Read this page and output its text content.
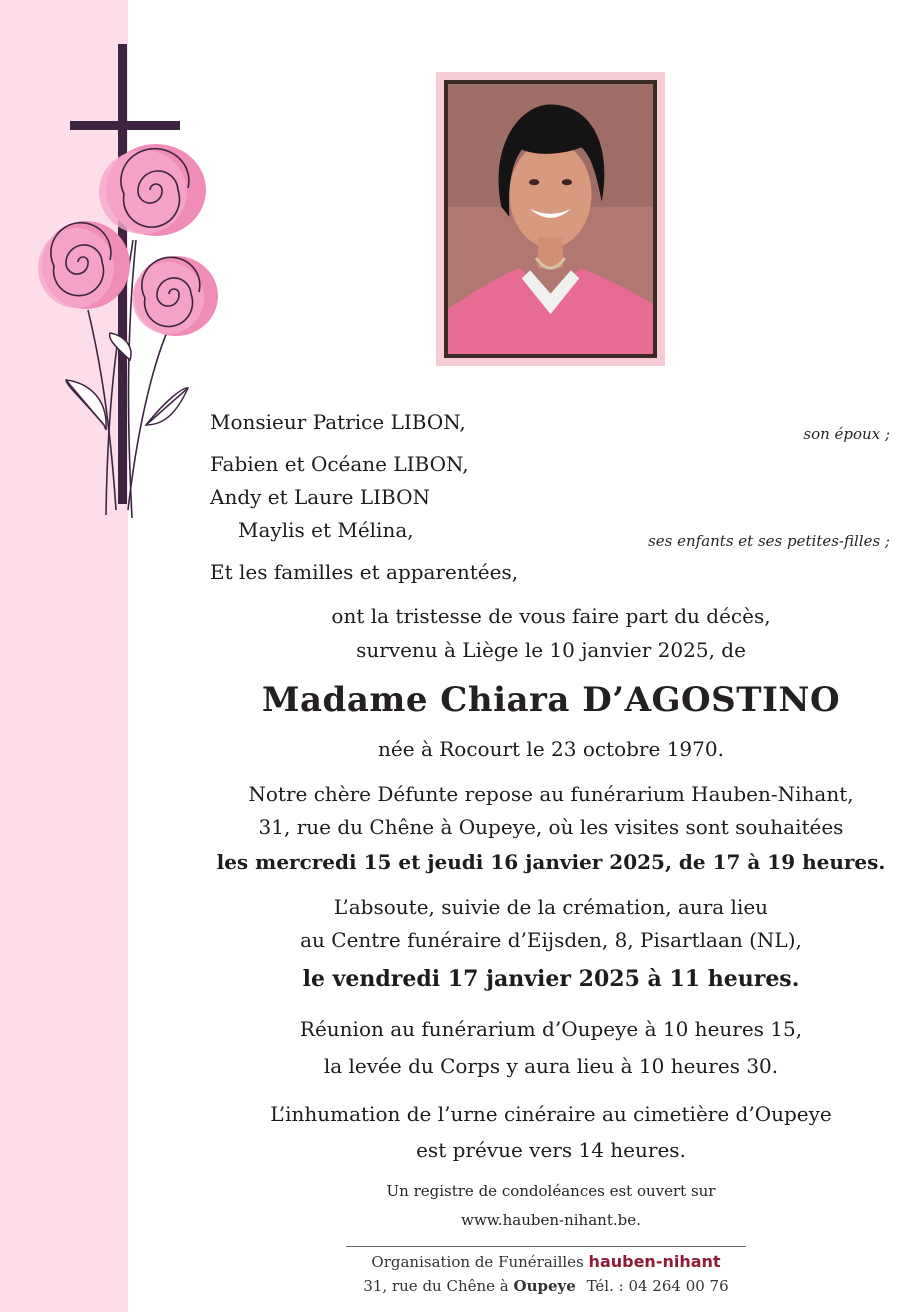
Monsieur Patrice LIBON,	son époux ;
Fabien et Océane LIBON,
Andy et Laure LIBON
Maylis et Mélina,	ses enfants et ses petites-filles ;
Et les familles et apparentées,
ont la tristesse de vous faire part du décès,
survenu à Liège le 10 janvier 2025, de
Madame Chiara D’AGOSTINO
née à Rocourt le 23 octobre 1970.
Notre chère Défunte repose au funérarium Hauben-Nihant,
31, rue du Chêne à Oupeye, où les visites sont souhaitées
les mercredi 15 et jeudi 16 janvier 2025, de 17 à 19 heures.
L’absoute, suivie de la crémation, aura lieu
au Centre funéraire d’Eijsden, 8, Pisartlaan (NL),
le vendredi 17 janvier 2025 à 11 heures.
Réunion au funérarium d’Oupeye à 10 heures 15,
la levée du Corps y aura lieu à 10 heures 30.
L’inhumation de l’urne cinéraire au cimetière d’Oupeye
est prévue vers 14 heures.
Un registre de condoléances est ouvert sur
www.hauben-nihant.be.
Organisation de Funérailles hauben-nihant
31, rue du Chêne à Oupeye Tél. : 04 264 00 76
